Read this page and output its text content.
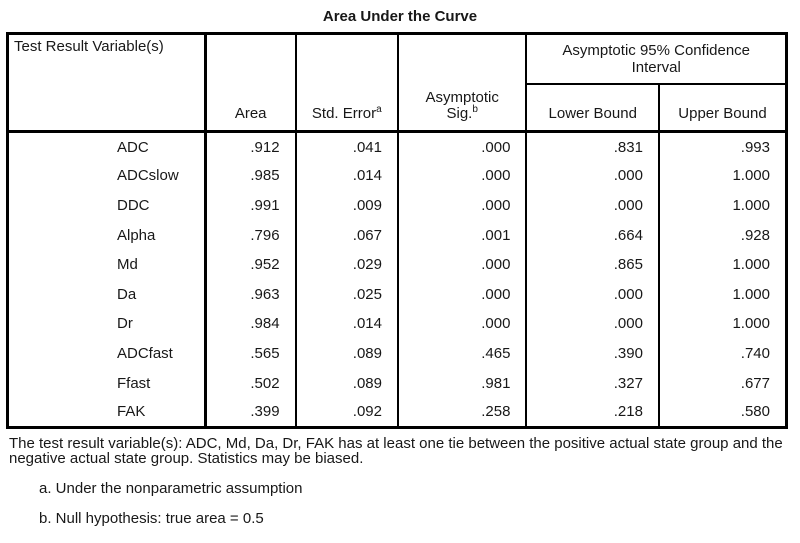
Area Under the Curve
Test Result Variable(s)	Area	Std. Error$^a$	Asymptotic Sig.$^b$	Asymptotic 95% Confidence Interval	
				Lower Bound	Upper Bound
ADC	.912	.041	.000	.831	.993
ADCslow	.985	.014	.000	.000	1.000
DDC	.991	.009	.000	.000	1.000
Alpha	.796	.067	.001	.664	.928
Md	.952	.029	.000	.865	1.000
Da	.963	.025	.000	.000	1.000
Dr	.984	.014	.000	.000	1.000
ADCfast	.565	.089	.465	.390	.740
Ffast	.502	.089	.981	.327	.677
FAK	.399	.092	.258	.218	.580
The test result variable(s): ADC, Md, Da, Dr, FAK has at least one tie between the positive actual state group and the negative actual state group. Statistics may be biased.
a. Under the nonparametric assumption
b. Null hypothesis: true area = 0.5
